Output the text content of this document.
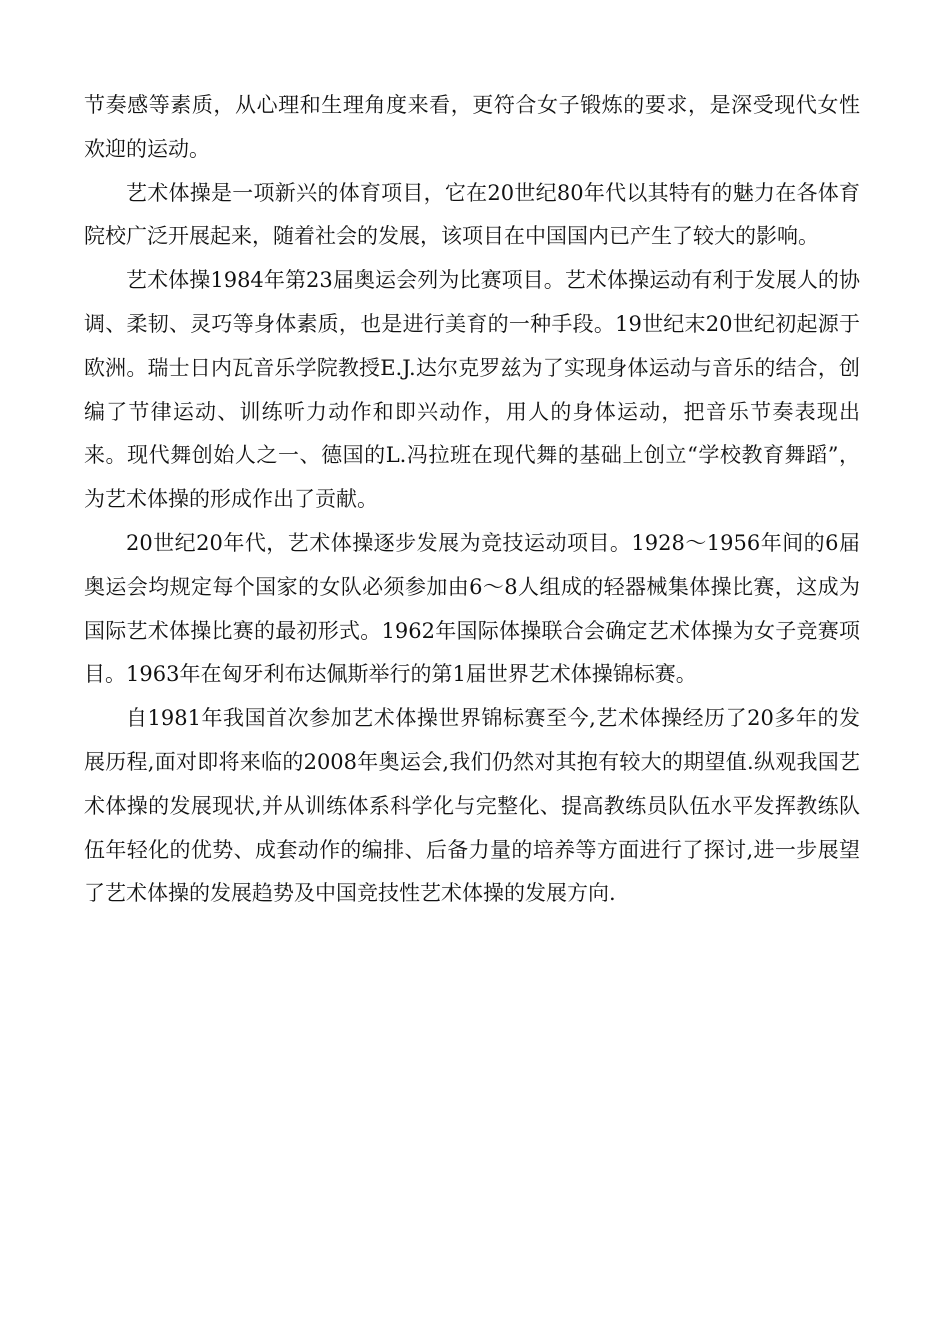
节奏感等素质，从心理和生理角度来看，更符合女子锻炼的要求，是深受现代女性欢迎的运动。

艺术体操是一项新兴的体育项目，它在20世纪80年代以其特有的魅力在各体育院校广泛开展起来，随着社会的发展，该项目在中国国内已产生了较大的影响。

艺术体操1984年第23届奥运会列为比赛项目。艺术体操运动有利于发展人的协调、柔韧、灵巧等身体素质，也是进行美育的一种手段。19世纪末20世纪初起源于欧洲。瑞士日内瓦音乐学院教授E.J.达尔克罗兹为了实现身体运动与音乐的结合，创编了节律运动、训练听力动作和即兴动作，用人的身体运动，把音乐节奏表现出来。现代舞创始人之一、德国的L.冯拉班在现代舞的基础上创立“学校教育舞蹈”，为艺术体操的形成作出了贡献。

20世纪20年代，艺术体操逐步发展为竞技运动项目。1928～1956年间的6届奥运会均规定每个国家的女队必须参加由6～8人组成的轻器械集体操比赛，这成为国际艺术体操比赛的最初形式。1962年国际体操联合会确定艺术体操为女子竞赛项目。1963年在匈牙利布达佩斯举行的第1届世界艺术体操锦标赛。

自1981年我国首次参加艺术体操世界锦标赛至今,艺术体操经历了20多年的发展历程,面对即将来临的2008年奥运会,我们仍然对其抱有较大的期望值.纵观我国艺术体操的发展现状,并从训练体系科学化与完整化、提高教练员队伍水平发挥教练队伍年轻化的优势、成套动作的编排、后备力量的培养等方面进行了探讨,进一步展望了艺术体操的发展趋势及中国竞技性艺术体操的发展方向.
